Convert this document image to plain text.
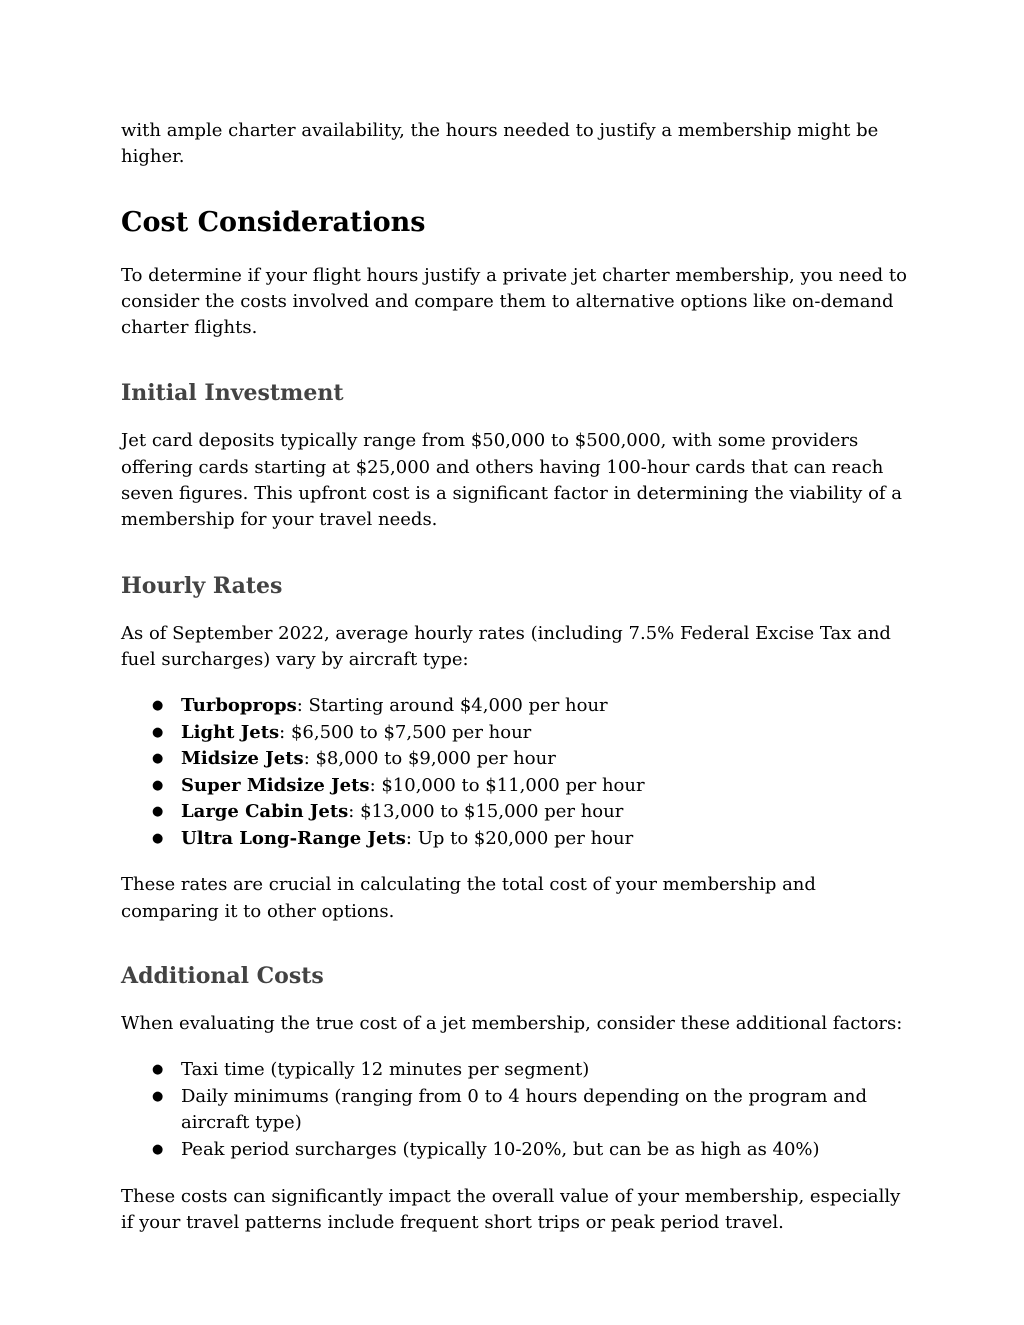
with ample charter availability, the hours needed to justify a membership might be higher.

Cost Considerations

To determine if your flight hours justify a private jet charter membership, you need to consider the costs involved and compare them to alternative options like on-demand charter flights.

Initial Investment

Jet card deposits typically range from $50,000 to $500,000, with some providers offering cards starting at $25,000 and others having 100-hour cards that can reach seven figures. This upfront cost is a significant factor in determining the viability of a membership for your travel needs.

Hourly Rates

As of September 2022, average hourly rates (including 7.5% Federal Excise Tax and fuel surcharges) vary by aircraft type:

● Turboprops: Starting around $4,000 per hour
● Light Jets: $6,500 to $7,500 per hour
● Midsize Jets: $8,000 to $9,000 per hour
● Super Midsize Jets: $10,000 to $11,000 per hour
● Large Cabin Jets: $13,000 to $15,000 per hour
● Ultra Long-Range Jets: Up to $20,000 per hour

These rates are crucial in calculating the total cost of your membership and comparing it to other options.

Additional Costs

When evaluating the true cost of a jet membership, consider these additional factors:

● Taxi time (typically 12 minutes per segment)
● Daily minimums (ranging from 0 to 4 hours depending on the program and aircraft type)
● Peak period surcharges (typically 10-20%, but can be as high as 40%)

These costs can significantly impact the overall value of your membership, especially if your travel patterns include frequent short trips or peak period travel.
